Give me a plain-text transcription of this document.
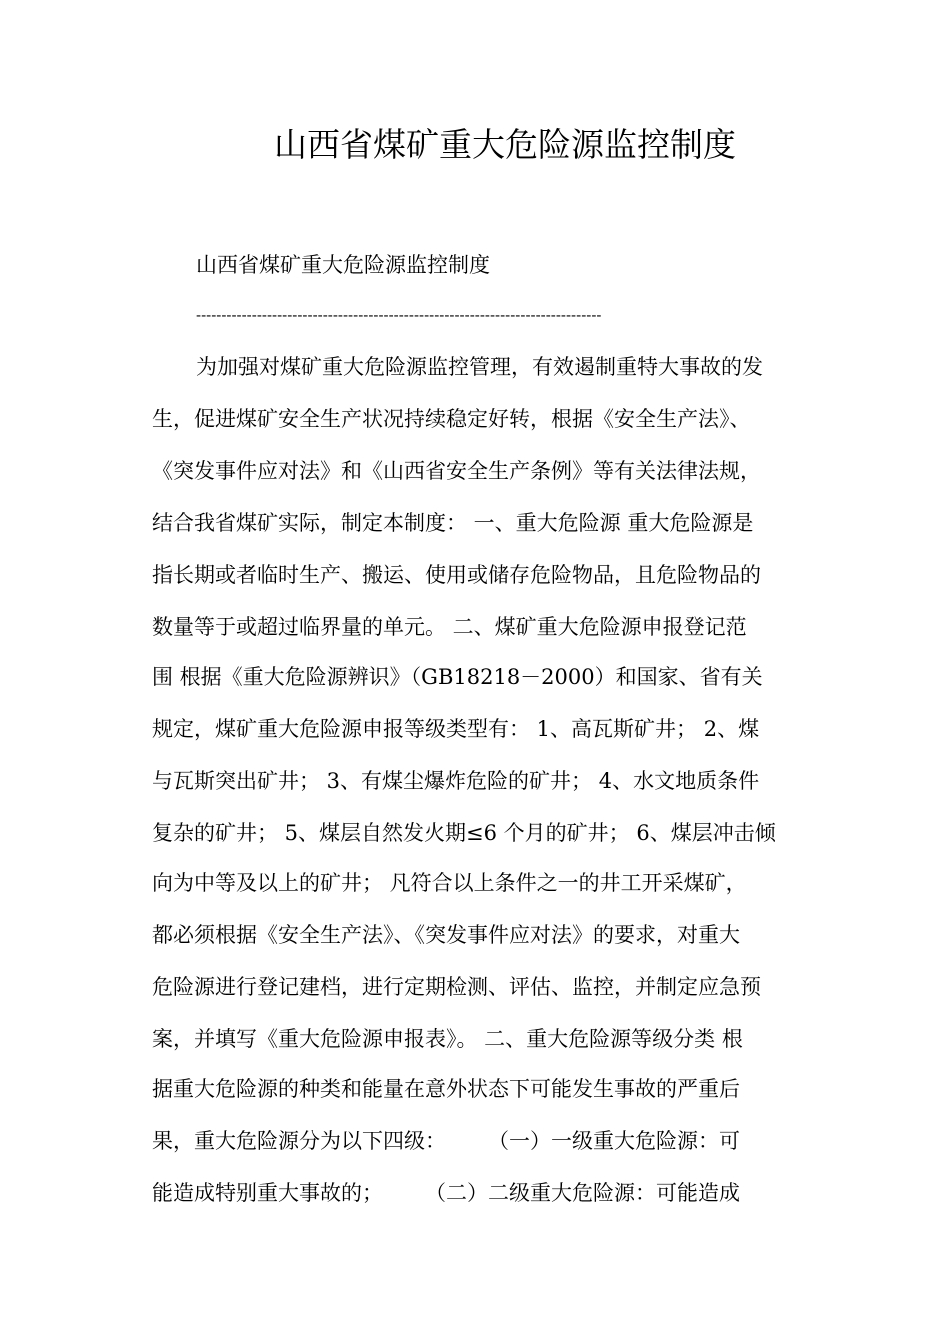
山西省煤矿重大危险源监控制度
山西省煤矿重大危险源监控制度
--------------------------------------------------------------------------------
为加强对煤矿重大危险源监控管理，有效遏制重特大事故的发
生，促进煤矿安全生产状况持续稳定好转，根据《安全生产法》、
《突发事件应对法》和《山西省安全生产条例》等有关法律法规，
结合我省煤矿实际，制定本制度： 一、重大危险源 重大危险源是
指长期或者临时生产、搬运、使用或储存危险物品，且危险物品的
数量等于或超过临界量的单元。 二、煤矿重大危险源申报登记范
围 根据《重大危险源辨识》（GB18218－2000）和国家、省有关
规定，煤矿重大危险源申报等级类型有： 1、高瓦斯矿井； 2、煤
与瓦斯突出矿井； 3、有煤尘爆炸危险的矿井； 4、水文地质条件
复杂的矿井； 5、煤层自然发火期≤6 个月的矿井； 6、煤层冲击倾
向为中等及以上的矿井； 凡符合以上条件之一的井工开采煤矿，
都必须根据《安全生产法》、《突发事件应对法》的要求，对重大
危险源进行登记建档，进行定期检测、评估、监控，并制定应急预
案，并填写《重大危险源申报表》。 二、重大危险源等级分类 根
据重大危险源的种类和能量在意外状态下可能发生事故的严重后
果，重大危险源分为以下四级：　　　（一）一级重大危险源：可
能造成特别重大事故的；　　　（二）二级重大危险源：可能造成
